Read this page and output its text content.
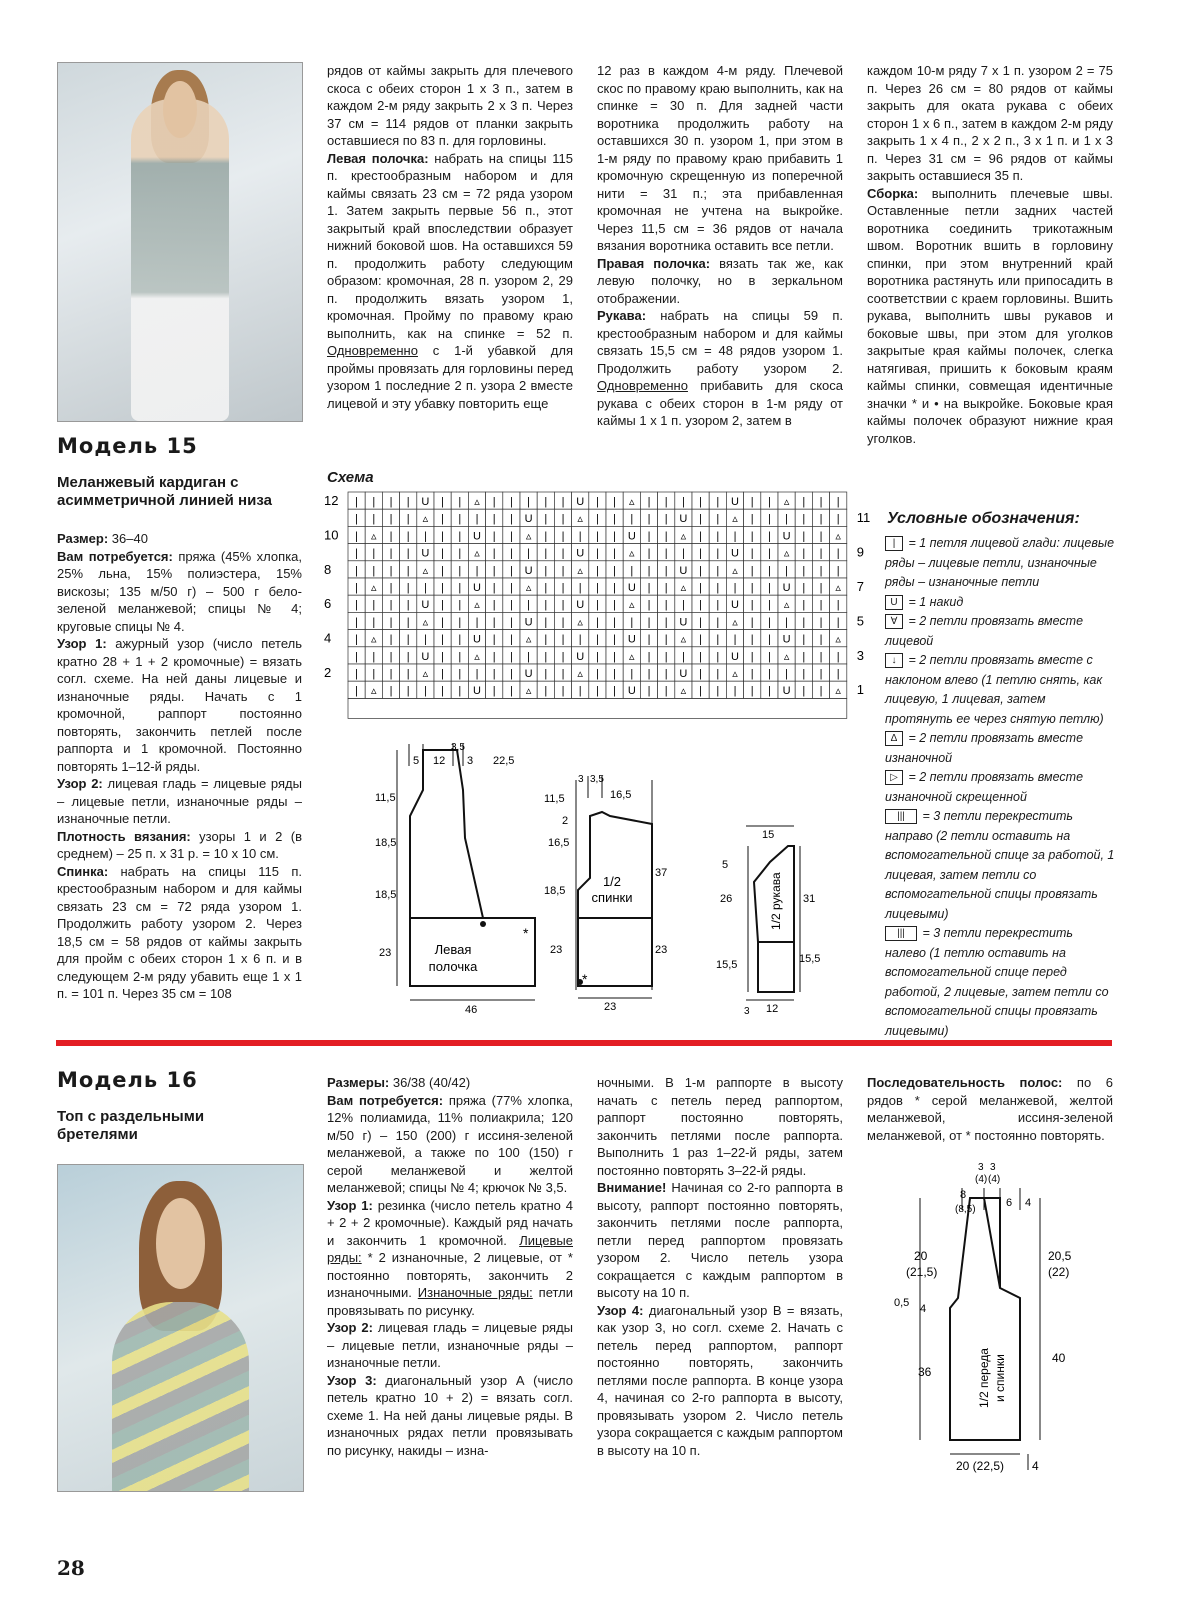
Модель 15
Меланжевый кардиган с
асимметричной линией низа
Размер: 36–40
Вам потребуется: пряжа (45% хлопка, 25% льна, 15% полиэстера, 15% вискозы; 135 м/50 г) – 500 г бело-зеленой меланжевой; спицы № 4; круговые спицы № 4.
Узор 1: ажурный узор (число петель кратно 28 + 1 + 2 кромочные) = вязать согл. схеме. На ней даны лицевые и изнаночные ряды. Начать с 1 кромочной, раппорт постоянно повторять, закончить петлей после раппорта и 1 кромочной. Постоянно повторять 1–12-й ряды.
Узор 2: лицевая гладь = лицевые ряды – лицевые петли, изнаночные ряды – изнаночные петли.
Плотность вязания: узоры 1 и 2 (в среднем) – 25 п. х 31 р. = 10 х 10 см.
Спинка: набрать на спицы 115 п. крестообразным набором и для каймы связать 23 см = 72 ряда узором 1. Продолжить работу узором 2. Через 18,5 см = 58 рядов от каймы закрыть для пройм с обеих сторон 1 х 6 п. и в следующем 2-м ряду убавить еще 1 х 1 п. = 101 п. Через 35 см = 108
рядов от каймы закрыть для плечевого скоса с обеих сторон 1 х 3 п., затем в каждом 2-м ряду закрыть 2 х 3 п. Через 37 см = 114 рядов от планки закрыть оставшиеся по 83 п. для горловины.
Левая полочка: набрать на спицы 115 п. крестообразным набором и для каймы связать 23 см = 72 ряда узором 1. Затем закрыть первые 56 п., этот закрытый край впоследствии образует нижний боковой шов. На оставшихся 59 п. продолжить работу следующим образом: кромочная, 28 п. узором 2, 29 п. продолжить вязать узором 1, кромочная. Пройму по правому краю выполнить, как на спинке = 52 п. Одновременно с 1-й убавкой для проймы провязать для горловины перед узором 1 последние 2 п. узора 2 вместе лицевой и эту убавку повторить еще
12 раз в каждом 4-м ряду. Плечевой скос по правому краю выполнить, как на спинке = 30 п. Для задней части воротника продолжить работу на оставшихся 30 п. узором 1, при этом в 1-м ряду по правому краю прибавить 1 кромочную скрещенную из поперечной нити = 31 п.; эта прибавленная кромочная не учтена на выкройке. Через 11,5 см = 36 рядов от начала вязания воротника оставить все петли.
Правая полочка: вязать так же, как левую полочку, но в зеркальном отображении.
Рукава: набрать на спицы 59 п. крестообразным набором и для каймы связать 15,5 см = 48 рядов узором 1. Продолжить работу узором 2. Одновременно прибавить для скоса рукава с обеих сторон в 1-м ряду от каймы 1 х 1 п. узором 2, затем в
каждом 10-м ряду 7 х 1 п. узором 2 = 75 п. Через 26 см = 80 рядов от каймы закрыть для оката рукава с обеих сторон 1 х 6 п., затем в каждом 2-м ряду закрыть 1 х 4 п., 2 х 2 п., 3 х 1 п. и 1 х 3 п. Через 31 см = 96 рядов от каймы закрыть оставшиеся 35 п.
Сборка: выполнить плечевые швы. Оставленные петли задних частей воротника соединить трикотажным швом. Воротник вшить в горловину спинки, при этом внутренний край воротника растянуть или припосадить в соответствии с краем горловины. Вшить рукава, выполнить швы рукавов и боковые швы, при этом для уголков закрытые края каймы полочек, слегка натягивая, пришить к боковым краям каймы спинки, совмещая идентичные значки * и • на выкройке. Боковые края каймы полочек образуют нижние края уголков.
Схема
| | | | U | | ▵ | | | | | U | | ▵ | | | | | U | | ▵ | | |
| | | | ▵ | | | | | U | | ▵ | | | | | U | | ▵ | | | | | |
| ▵ | | | | | U | | ▵ | | | | | U | | ▵ | | | | | U | | ▵
| | | | U | | ▵ | | | | | U | | ▵ | | | | | U | | ▵ | | |
| | | | ▵ | | | | | U | | ▵ | | | | | U | | ▵ | | | | | |
| ▵ | | | | | U | | ▵ | | | | | U | | ▵ | | | | | U | | ▵
| | | | U | | ▵ | | | | | U | | ▵ | | | | | U | | ▵ | | |
| | | | ▵ | | | | | U | | ▵ | | | | | U | | ▵ | | | | | |
| ▵ | | | | | U | | ▵ | | | | | U | | ▵ | | | | | U | | ▵
| | | | U | | ▵ | | | | | U | | ▵ | | | | | U | | ▵ | | |
| | | | ▵ | | | | | U | | ▵ | | | | | U | | ▵ | | | | | |
| ▵ | | | | | U | | ▵ | | | | | U | | ▵ | | | | | U | | ▵
12
10
8
6
4
2
11
9
7
5
3
1
Условные обозначения:
| = 1 петля лицевой глади: лицевые ряды – лицевые петли, изнаночные ряды – изнаночные петли
U = 1 накид
∀ = 2 петли провязать вместе лицевой
↓ = 2 петли провязать вместе с наклоном влево (1 петлю снять, как лицевую, 1 лицевая, затем протянуть ее через снятую петлю)
Δ = 2 петли провязать вместе изнаночной
▷ = 2 петли провязать вместе изнаночной скрещенной
||| = 3 петли перекрестить направо (2 петли оставить на вспомогательной спице за работой, 1 лицевая, затем петли со вспомогательной спицы провязать лицевыми)
||| = 3 петли перекрестить налево (1 петлю оставить на вспомогательной спице перед работой, 2 лицевые, затем петли со вспомогательной спицы провязать лицевыми)
5 12 3
3,5
22,5
11,5
18,5
18,5
23
46
Левая
полочка
*
3 3,5
16,5
11,5
2
16,5
18,5
23
37
23
23
1/2
спинки
*
15
5
26
15,5
31
15,5
3 12
1/2 рукава
Модель 16
Топ с раздельными
бретелями
Размеры: 36/38 (40/42)
Вам потребуется: пряжа (77% хлопка, 12% полиамида, 11% полиакрила; 120 м/50 г) – 150 (200) г иссиня-зеленой меланжевой, а также по 100 (150) г серой меланжевой и желтой меланжевой; спицы № 4; крючок № 3,5.
Узор 1: резинка (число петель кратно 4 + 2 + 2 кромочные). Каждый ряд начать и закончить 1 кромочной. Лицевые ряды: * 2 изнаночные, 2 лицевые, от * постоянно повторять, закончить 2 изнаночными. Изнаночные ряды: петли провязывать по рисунку.
Узор 2: лицевая гладь = лицевые ряды – лицевые петли, изнаночные ряды – изнаночные петли.
Узор 3: диагональный узор А (число петель кратно 10 + 2) = вязать согл. схеме 1. На ней даны лицевые ряды. В изнаночных рядах петли провязывать по рисунку, накиды – изна-
ночными. В 1-м раппорте в высоту начать с петель перед раппортом, раппорт постоянно повторять, закончить петлями после раппорта. Выполнить 1 раз 1–22-й ряды, затем постоянно повторять 3–22-й ряды.
Внимание! Начиная со 2-го раппорта в высоту, раппорт постоянно повторять, закончить петлями после раппорта, петли перед раппортом провязать узором 2. Число петель узора сокращается с каждым раппортом в высоту на 10 п.
Узор 4: диагональный узор В = вязать, как узор 3, но согл. схеме 2. Начать с петель перед раппортом, раппорт постоянно повторять, закончить петлями после раппорта. В конце узора 4, начиная со 2-го раппорта в высоту, провязывать узором 2. Число петель узора сокращается с каждым раппортом в высоту на 10 п.
Последовательность полос: по 6 рядов * серой меланжевой, желтой меланжевой, иссиня-зеленой меланжевой, от * постоянно повторять.
3 3
(4) (4)
8
(8,5)
6 4
20
(21,5)
20,5
(22)
0,5 4
36
40
1/2 переда и спинки
20 (22,5) 4
28
